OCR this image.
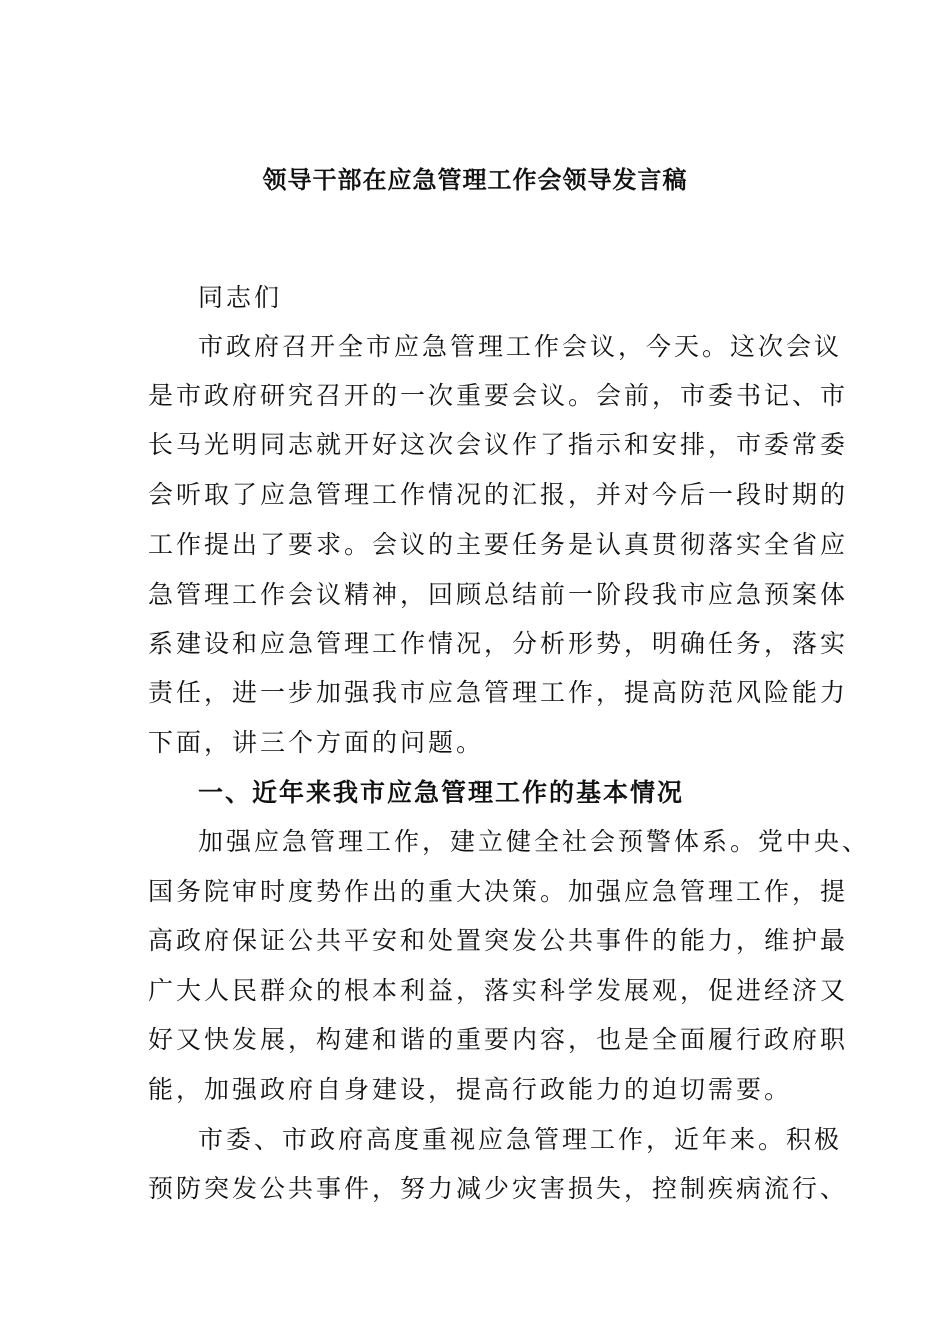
领导干部在应急管理工作会领导发言稿
同志们
市政府召开全市应急管理工作会议，今天。这次会议
是市政府研究召开的一次重要会议。会前，市委书记、市
长马光明同志就开好这次会议作了指示和安排，市委常委
会听取了应急管理工作情况的汇报，并对今后一段时期的
工作提出了要求。会议的主要任务是认真贯彻落实全省应
急管理工作会议精神，回顾总结前一阶段我市应急预案体
系建设和应急管理工作情况，分析形势，明确任务，落实
责任，进一步加强我市应急管理工作，提高防范风险能力
下面，讲三个方面的问题。
一、近年来我市应急管理工作的基本情况
加强应急管理工作，建立健全社会预警体系。党中央、
国务院审时度势作出的重大决策。加强应急管理工作，提
高政府保证公共平安和处置突发公共事件的能力，维护最
广大人民群众的根本利益，落实科学发展观，促进经济又
好又快发展，构建和谐的重要内容，也是全面履行政府职
能，加强政府自身建设，提高行政能力的迫切需要。
市委、市政府高度重视应急管理工作，近年来。积极
预防突发公共事件，努力减少灾害损失，控制疾病流行、
